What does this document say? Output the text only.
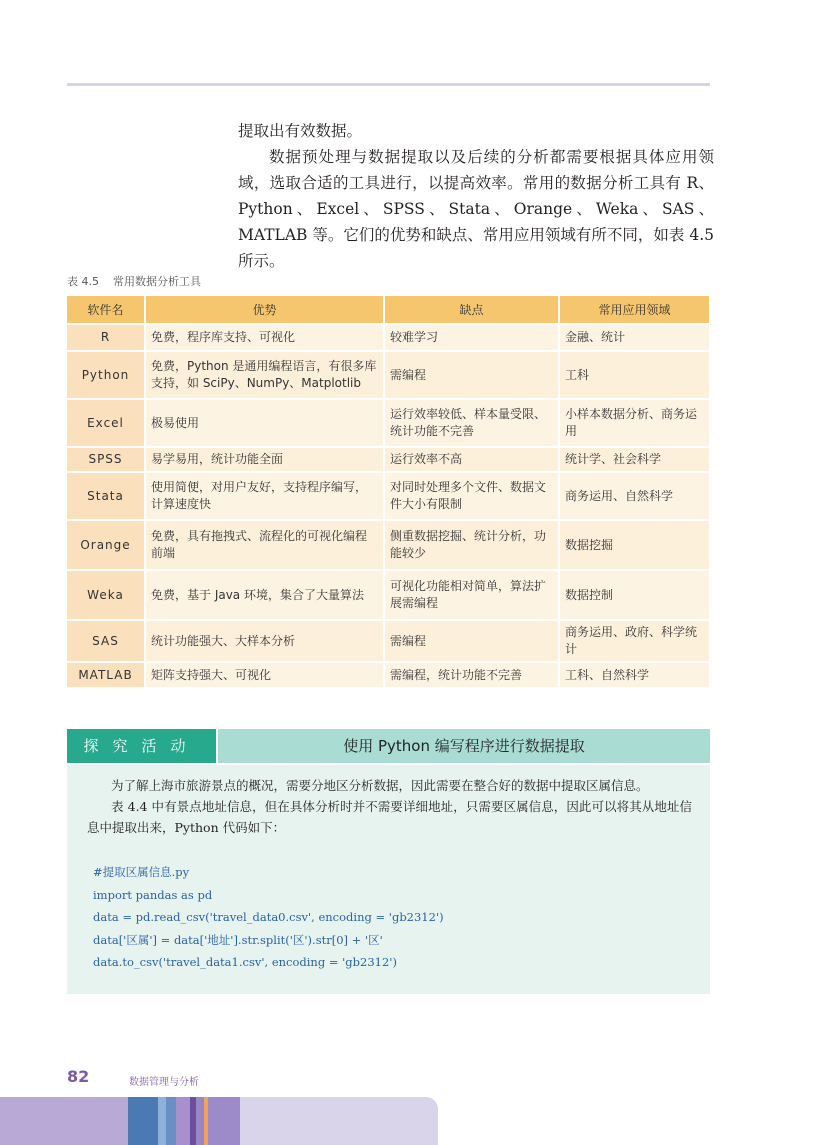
提取出有效数据。

数据预处理与数据提取以及后续的分析都需要根据具体应用领域，选取合适的工具进行，以提高效率。常用的数据分析工具有 R、Python、Excel、SPSS、Stata、Orange、Weka、SAS、MATLAB 等。它们的优势和缺点、常用应用领域有所不同，如表 4.5 所示。

表 4.5 常用数据分析工具
软件名	优势	缺点	常用应用领域
R	免费，程序库支持、可视化	较难学习	金融、统计
Python	免费，Python 是通用编程语言，有很多库支持，如 SciPy、NumPy、Matplotlib	需编程	工科
Excel	极易使用	运行效率较低、样本量受限、统计功能不完善	小样本数据分析、商务运用
SPSS	易学易用，统计功能全面	运行效率不高	统计学、社会科学
Stata	使用简便，对用户友好，支持程序编写，计算速度快	对同时处理多个文件、数据文件大小有限制	商务运用、自然科学
Orange	免费，具有拖拽式、流程化的可视化编程前端	侧重数据挖掘、统计分析，功能较少	数据挖掘
Weka	免费，基于 Java 环境，集合了大量算法	可视化功能相对简单，算法扩展需编程	数据控制
SAS	统计功能强大、大样本分析	需编程	商务运用、政府、科学统计
MATLAB	矩阵支持强大、可视化	需编程，统计功能不完善	工科、自然科学
探究活动	使用 Python 编写程序进行数据提取

为了解上海市旅游景点的概况，需要分地区分析数据，因此需要在整合好的数据中提取区属信息。

表 4.4 中有景点地址信息，但在具体分析时并不需要详细地址，只需要区属信息，因此可以将其从地址信息中提取出来，Python 代码如下：

#提取区属信息.py
import pandas as pd
data = pd.read_csv('travel_data0.csv', encoding = 'gb2312')
data['区属'] = data['地址'].str.split('区').str[0] + '区'
data.to_csv('travel_data1.csv', encoding = 'gb2312')
82	数据管理与分析
